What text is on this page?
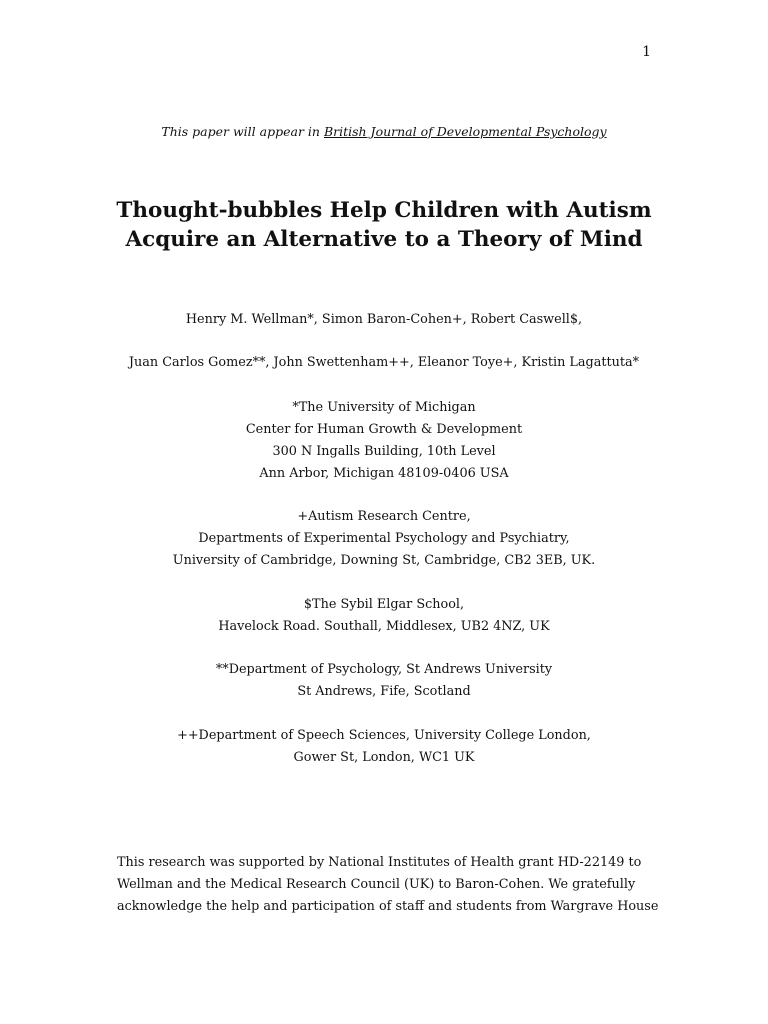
1
This paper will appear in British Journal of Developmental Psychology
Thought-bubbles Help Children with Autism
Acquire an Alternative to a Theory of Mind
Henry M. Wellman*, Simon Baron-Cohen+, Robert Caswell$,
Juan Carlos Gomez**, John Swettenham++, Eleanor Toye+, Kristin Lagattuta*
*The University of Michigan
Center for Human Growth & Development
300 N Ingalls Building, 10th Level
Ann Arbor, Michigan 48109-0406 USA
+Autism Research Centre,
Departments of Experimental Psychology and Psychiatry,
University of Cambridge, Downing St, Cambridge, CB2 3EB, UK.
$The Sybil Elgar School,
Havelock Road. Southall, Middlesex, UB2 4NZ, UK
**Department of Psychology, St Andrews University
St Andrews, Fife, Scotland
++Department of Speech Sciences, University College London,
Gower St, London, WC1 UK
This research was supported by National Institutes of Health grant HD-22149 to
Wellman and the Medical Research Council (UK) to Baron-Cohen. We gratefully
acknowledge the help and participation of staff and students from Wargrave House
